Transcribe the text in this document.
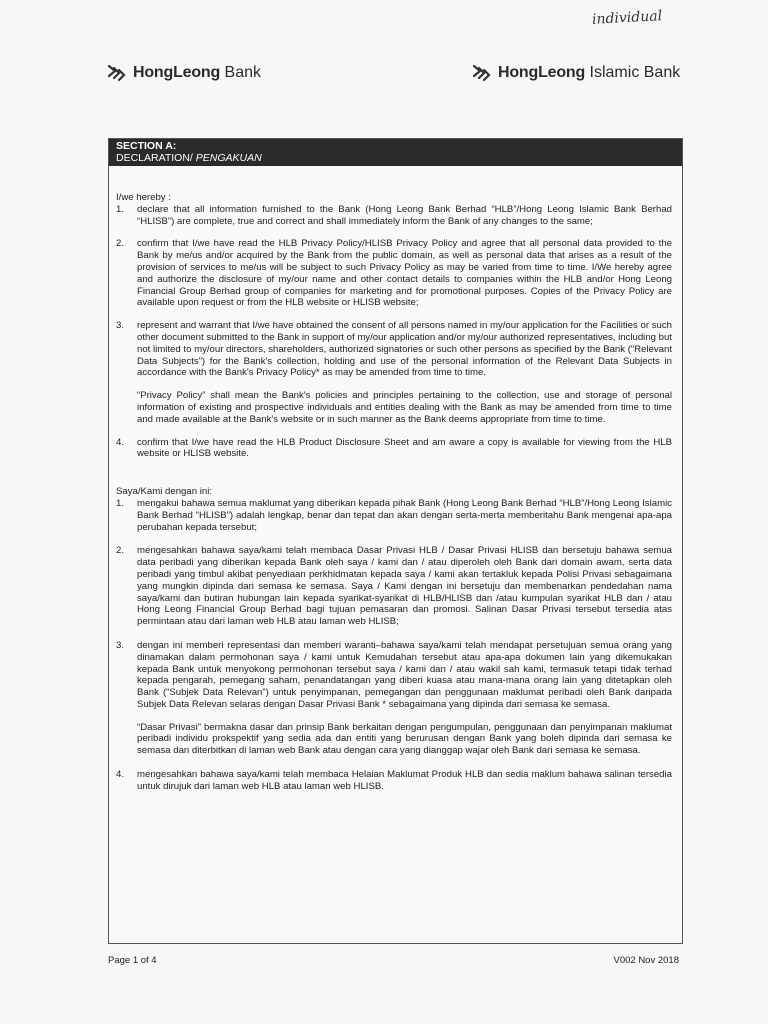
individual
HongLeong Bank	HongLeong Islamic Bank
SECTION A:
DECLARATION/ PENGAKUAN

I/we hereby :

1. declare that all information furnished to the Bank (Hong Leong Bank Berhad “HLB”/Hong Leong Islamic Bank Berhad “HLISB”) are complete, true and correct and shall immediately inform the Bank of any changes to the same;

2. confirm that I/we have read the HLB Privacy Policy/HLISB Privacy Policy and agree that all personal data provided to the Bank by me/us and/or acquired by the Bank from the public domain, as well as personal data that arises as a result of the provision of services to me/us will be subject to such Privacy Policy as may be varied from time to time. I/We hereby agree and authorize the disclosure of my/our name and other contact details to companies within the HLB and/or Hong Leong Financial Group Berhad group of companies for marketing and for promotional purposes. Copies of the Privacy Policy are available upon request or from the HLB website or HLISB website;

3. represent and warrant that I/we have obtained the consent of all persons named in my/our application for the Facilities or such other document submitted to the Bank in support of my/our application and/or my/our authorized representatives, including but not limited to my/our directors, shareholders, authorized signatories or such other persons as specified by the Bank (“Relevant Data Subjects”) for the Bank's collection, holding and use of the personal information of the Relevant Data Subjects in accordance with the Bank's Privacy Policy* as may be amended from time to time.

“Privacy Policy” shall mean the Bank's policies and principles pertaining to the collection, use and storage of personal information of existing and prospective individuals and entities dealing with the Bank as may be amended from time to time and made available at the Bank's website or in such manner as the Bank deems appropriate from time to time.

4. confirm that I/we have read the HLB Product Disclosure Sheet and am aware a copy is available for viewing from the HLB website or HLISB website.

Saya/Kami dengan ini:

1. mengakui bahawa semua maklumat yang diberikan kepada pihak Bank (Hong Leong Bank Berhad “HLB”/Hong Leong Islamic Bank Berhad “HLISB”) adalah lengkap, benar dan tepat dan akan dengan serta-merta memberitahu Bank mengenai apa-apa perubahan kepada tersebut;

2. mengesahkan bahawa saya/kami telah membaca Dasar Privasi HLB / Dasar Privasi HLISB dan bersetuju bahawa semua data peribadi yang diberikan kepada Bank oleh saya / kami dan / atau diperoleh oleh Bank dari domain awam, serta data peribadi yang timbul akibat penyediaan perkhidmatan kepada saya / kami akan tertakluk kepada Polisi Privasi sebagaimana yang mungkin dipinda dari semasa ke semasa. Saya / Kami dengan ini bersetuju dan membenarkan pendedahan nama saya/kami dan butiran hubungan lain kepada syarikat-syarikat di HLB/HLISB dan /atau kumpulan syarikat HLB dan / atau Hong Leong Financial Group Berhad bagi tujuan pemasaran dan promosi. Salinan Dasar Privasi tersebut tersedia atas permintaan atau dari laman web HLB atau laman web HLISB;

3. dengan ini memberi representasi dan memberi waranti–bahawa saya/kami telah mendapat persetujuan semua orang yang dinamakan dalam permohonan saya / kami untuk Kemudahan tersebut atau apa-apa dokumen lain yang dikemukakan kepada Bank untuk menyokong permohonan tersebut saya / kami dan / atau wakil sah kami, termasuk tetapi tidak terhad kepada pengarah, pemegang saham, penandatangan yang diberi kuasa atau mana-mana orang lain yang ditetapkan oleh Bank (“Subjek Data Relevan”) untuk penyimpanan, pemegangan dan penggunaan maklumat peribadi oleh Bank daripada Subjek Data Relevan selaras dengan Dasar Privasi Bank * sebagaimana yang dipinda dari semasa ke semasa.

“Dasar Privasi” bermakna dasar dan prinsip Bank berkaitan dengan pengumpulan, penggunaan dan penyimpanan maklumat peribadi individu prokspektif yang sedia ada dan entiti yang berurusan dengan Bank yang boleh dipinda dari semasa ke semasa dan diterbitkan di laman web Bank atau dengan cara yang dianggap wajar oleh Bank dari semasa ke semasa.

4. mengesahkan bahawa saya/kami telah membaca Helaian Maklumat Produk HLB dan sedia maklum bahawa salinan tersedia untuk dirujuk dari laman web HLB atau laman web HLISB.

Page 1 of 4	V002 Nov 2018
